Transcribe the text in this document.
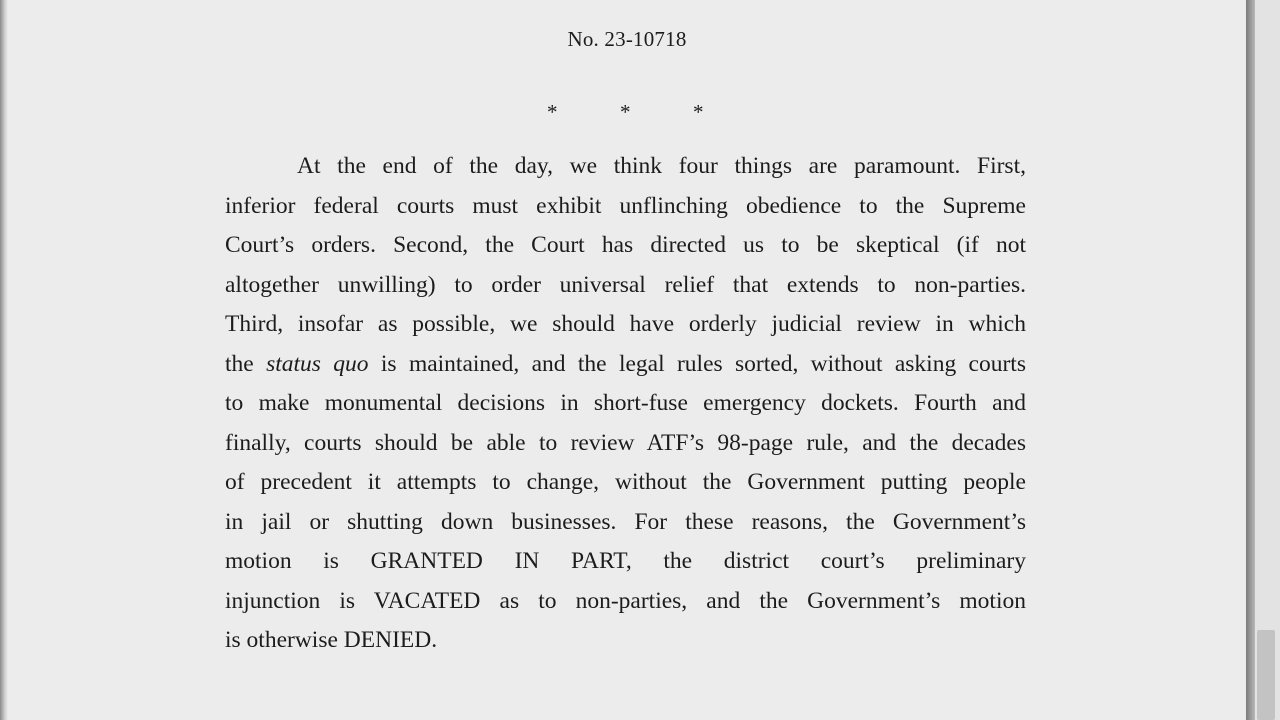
No. 23-10718
*	*	*
At the end of the day, we think four things are paramount. First,
inferior federal courts must exhibit unflinching obedience to the Supreme
Court’s orders. Second, the Court has directed us to be skeptical (if not
altogether unwilling) to order universal relief that extends to non-parties.
Third, insofar as possible, we should have orderly judicial review in which
the status quo is maintained, and the legal rules sorted, without asking courts
to make monumental decisions in short-fuse emergency dockets. Fourth and
finally, courts should be able to review ATF’s 98-page rule, and the decades
of precedent it attempts to change, without the Government putting people
in jail or shutting down businesses. For these reasons, the Government’s
motion is GRANTED IN PART, the district court’s preliminary
injunction is VACATED as to non-parties, and the Government’s motion
is otherwise DENIED.
